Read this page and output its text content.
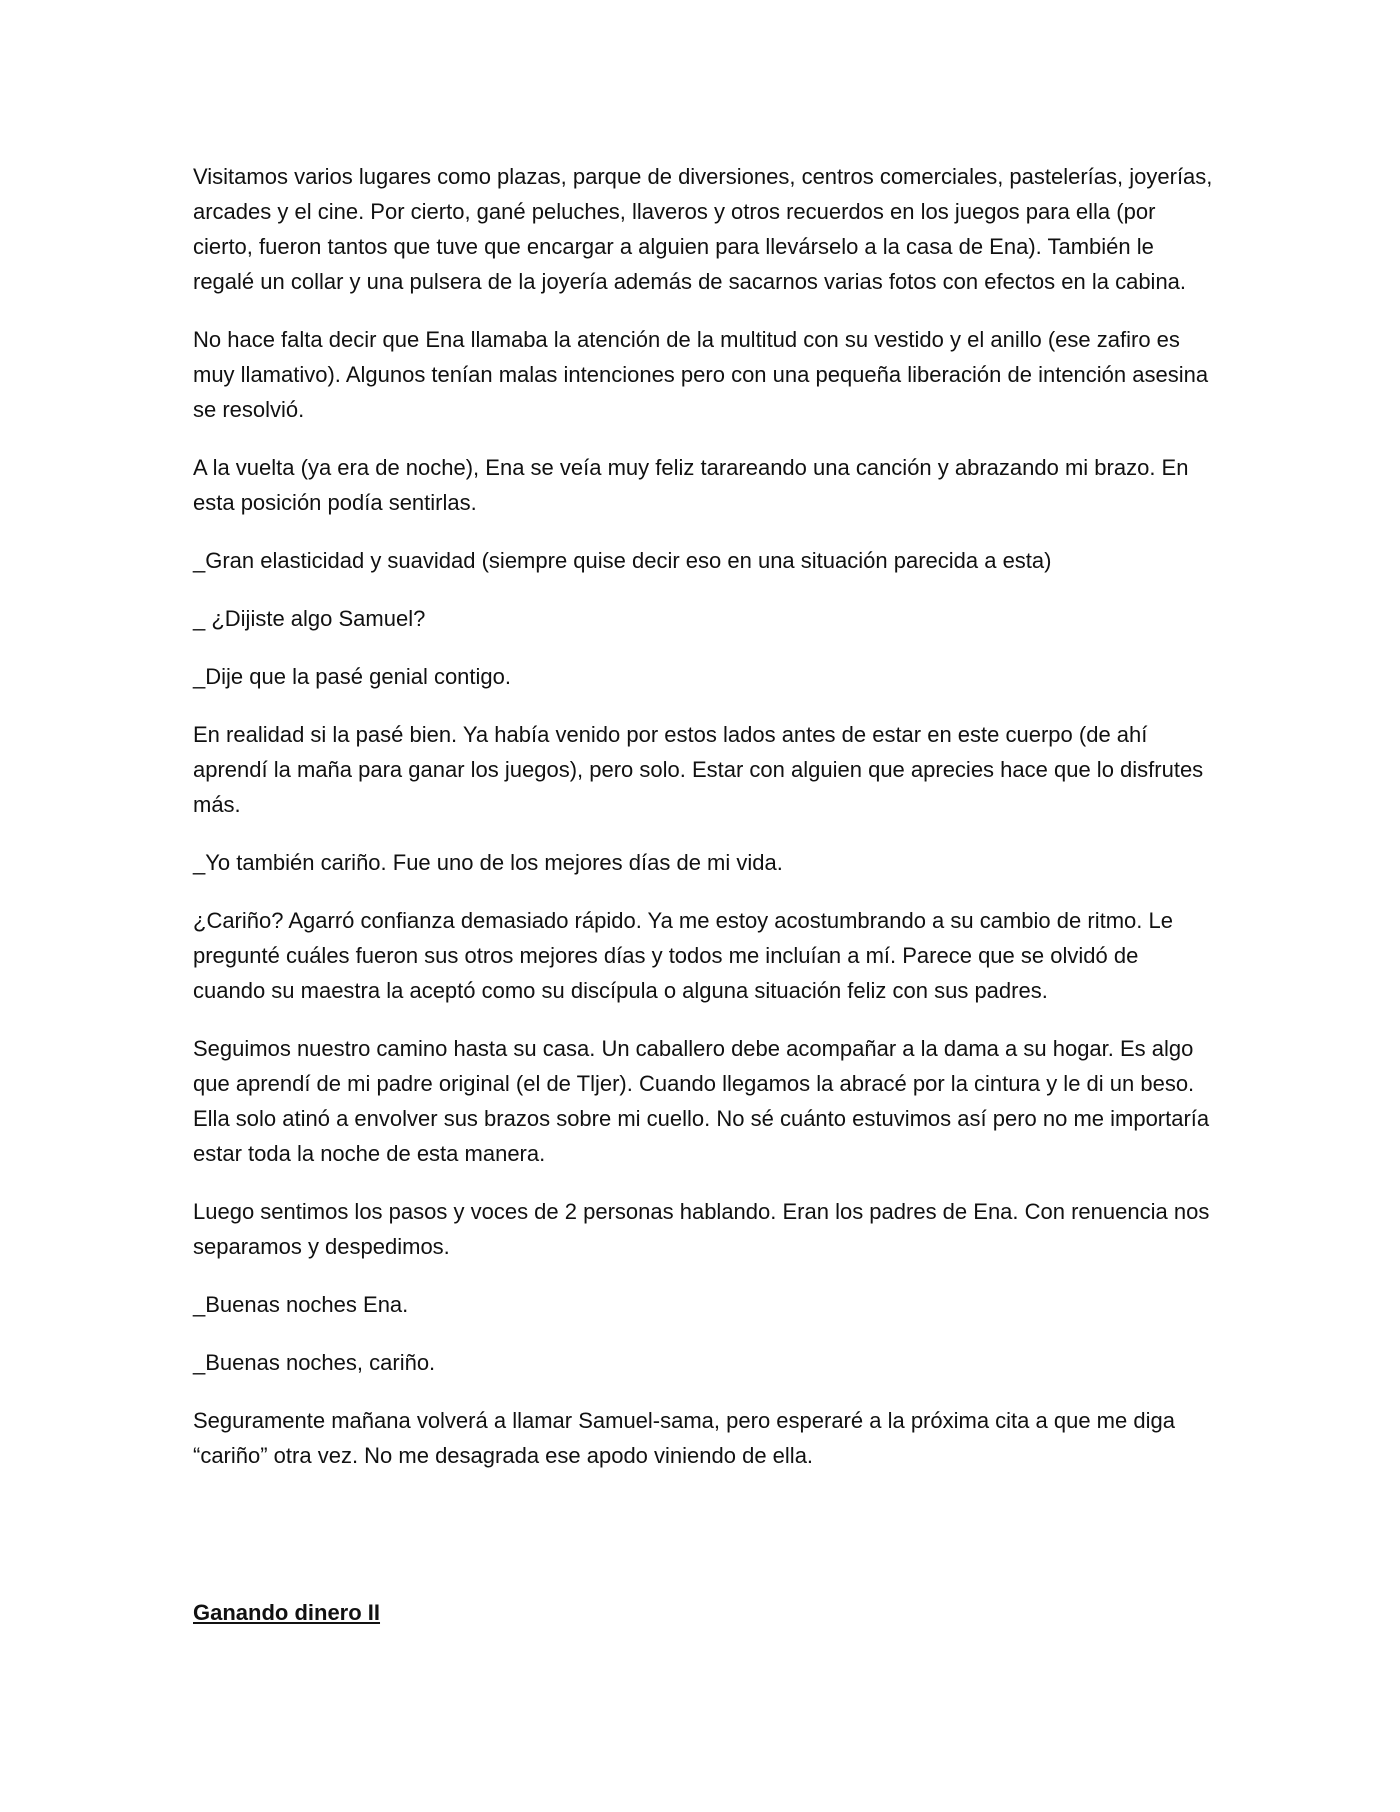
Visitamos varios lugares como plazas, parque de diversiones, centros comerciales, pastelerías, joyerías, arcades y el cine. Por cierto, gané peluches, llaveros y otros recuerdos en los juegos para ella (por cierto, fueron tantos que tuve que encargar a alguien para llevárselo a la casa de Ena). También le regalé un collar y una pulsera de la joyería además de sacarnos varias fotos con efectos en la cabina.

No hace falta decir que Ena llamaba la atención de la multitud con su vestido y el anillo (ese zafiro es muy llamativo). Algunos tenían malas intenciones pero con una pequeña liberación de intención asesina se resolvió.

A la vuelta (ya era de noche), Ena se veía muy feliz tarareando una canción y abrazando mi brazo. En esta posición podía sentirlas.

_Gran elasticidad y suavidad (siempre quise decir eso en una situación parecida a esta)

_ ¿Dijiste algo Samuel?

_Dije que la pasé genial contigo.

En realidad si la pasé bien. Ya había venido por estos lados antes de estar en este cuerpo (de ahí aprendí la maña para ganar los juegos), pero solo. Estar con alguien que aprecies hace que lo disfrutes más.

_Yo también cariño. Fue uno de los mejores días de mi vida.

¿Cariño? Agarró confianza demasiado rápido. Ya me estoy acostumbrando a su cambio de ritmo. Le pregunté cuáles fueron sus otros mejores días y todos me incluían a mí. Parece que se olvidó de cuando su maestra la aceptó como su discípula o alguna situación feliz con sus padres.

Seguimos nuestro camino hasta su casa. Un caballero debe acompañar a la dama a su hogar. Es algo que aprendí de mi padre original (el de Tljer). Cuando llegamos la abracé por la cintura y le di un beso. Ella solo atinó a envolver sus brazos sobre mi cuello. No sé cuánto estuvimos así pero no me importaría estar toda la noche de esta manera.

Luego sentimos los pasos y voces de 2 personas hablando. Eran los padres de Ena. Con renuencia nos separamos y despedimos.

_Buenas noches Ena.

_Buenas noches, cariño.

Seguramente mañana volverá a llamar Samuel-sama, pero esperaré a la próxima cita a que me diga “cariño” otra vez. No me desagrada ese apodo viniendo de ella.

Ganando dinero II
